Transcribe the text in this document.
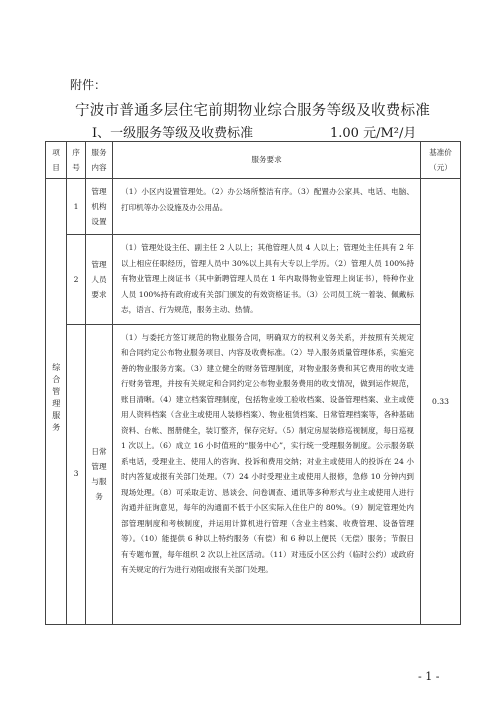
附件：
宁波市普通多层住宅前期物业综合服务等级及收费标准
Ⅰ、一级服务等级及收费标准	1.00 元/M²/月
项目	序号	服务内容	服务要求	基准价（元）
综合管理服务	1	管理机构设置	（1）小区内设置管理处。（2）办公场所整洁有序。（3）配置办公家具、电话、电脑、打印机等办公设施及办公用品。	0.33
	2	管理人员要求	（1）管理处设主任、副主任 2 人以上；其他管理人员 4 人以上；管理处主任具有 2 年以上相应任职经历，管理人员中 30%以上具有大专以上学历。（2）管理人员 100%持有物业管理上岗证书（其中新聘管理人员在 1 年内取得物业管理上岗证书），特种作业人员 100%持有政府或有关部门颁发的有效资格证书。（3）公司员工统一着装、佩戴标志，语言、行为规范，服务主动、热情。	
	3	日常管理与服务	（1）与委托方签订规范的物业服务合同，明确双方的权利义务关系，并按照有关规定和合同约定公布物业服务项目、内容及收费标准。（2）导入服务质量管理体系，实施完善的物业服务方案。（3）建立健全的财务管理制度，对物业服务费和其它费用的收支进行财务管理，并按有关规定和合同约定公布物业服务费用的收支情况，做到运作规范，账目清晰。（4）建立档案管理制度，包括物业竣工验收档案、设备管理档案、业主或使用人资料档案（含业主或使用人装修档案）、物业租赁档案、日常管理档案等，各种基础资料、台帐、图册健全，装订整齐，保存完好。（5）制定房屋装修巡视制度，每日巡视 1 次以上。（6）成立 16 小时值班的“服务中心”，实行统一受理服务制度。公示服务联系电话，受理业主、使用人的咨询、投诉和费用交纳；对业主或使用人的投诉在 24 小时内答复或报有关部门处理。（7）24 小时受理业主或使用人报修，急修 10 分钟内到现场处理。（8）可采取走访、恳谈会、问卷调查、通讯等多种形式与业主或使用人进行沟通并征询意见，每年的沟通面不低于小区实际入住住户的 80%。（9）制定管理处内部管理制度和考核制度，并运用计算机进行管理（含业主档案、收费管理、设备管理等）。（10）能提供 6 种以上特约服务（有偿）和 6 种以上便民（无偿）服务；节假日有专题布置，每年组织 2 次以上社区活动。（11）对违反小区公约（临时公约）或政府有关规定的行为进行劝阻或报有关部门处理。	
- 1 -
